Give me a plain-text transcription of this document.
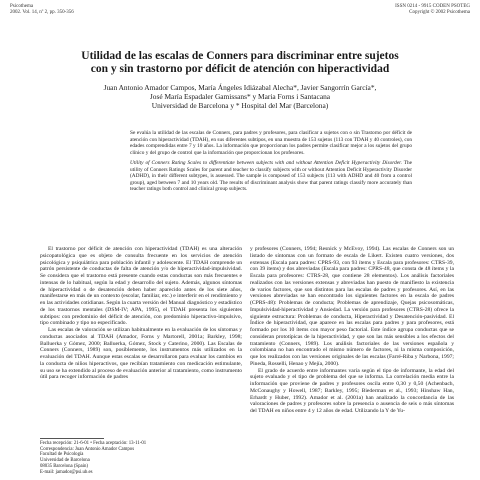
Psicothema
2002. Vol. 14, nº 2, pp. 350-356
ISSN 0214 - 9915 CODEN PSOTEG
Copyright © 2002 Psicothema
Utilidad de las escalas de Conners para discriminar entre sujetos
con y sin trastorno por déficit de atención con hiperactividad
Juan Antonio Amador Campos, María Ángeles Idiázabal Alecha*, Javier Sangorrín García*,
José María Espadaler Gamissans* y Maria Forns i Santacana
Universidad de Barcelona y * Hospital del Mar (Barcelona)

Se evalúa la utilidad de las escalas de Conners, para padres y profesores, para clasificar a sujetos con o sin Trastorno por déficit de atención con hiperactividad (TDAH), en sus diferentes subtipos, en una muestra de 153 sujetos (113 con TDAH y 40 controles), con edades comprendidas entre 7 y 10 años. La información que proporcionan los padres permite clasificar mejor a los sujetos del grupo clínico y del grupo de control que la información que proporcionan los profesores.

Utility of Conners Rating Scales to differentiate between subjects with and without Attention Deficit Hyperactivity Disorder. The utility of Conners Ratings Scales for parent and teacher to classify subjects with or without Attention Deficit Hyperactivity Disorder (ADHD), in their different subtypes, is assessed. The sample is composed of 153 subjects (113 with ADHD and 40 from a control group), aged between 7 and 10 years old. The results of discriminant analysis show that parent ratings classify more accurately than teacher ratings both control and clinical group subjects.

El trastorno por déficit de atención con hiperactividad (TDAH) es una alteración psicopatológica que es objeto de consulta frecuente en los servicios de atención psicológica y psiquiátrica para población infantil y adolescente. El TDAH comprende un patrón persistente de conductas de falta de atención y/o de hiperactividad-impulsividad. Se considera que el trastorno está presente cuando estas conductas son más frecuentes e intensas de lo habitual, según la edad y desarrollo del sujeto. Además, algunos síntomas de hiperactividad o de desatención deben haber aparecido antes de los siete años, manifestarse en más de un contexto (escolar, familiar, etc.) e interferir en el rendimiento y en las actividades cotidianas. Según la cuarta versión del Manual diagnóstico y estadístico de los trastornos mentales (DSM-IV; APA, 1995), el TDAH presenta los siguientes subtipos: con predominio del déficit de atención, con predominio hiperactivo-impulsivo, tipo combinado y tipo no especificado.

Las escalas de valoración se utilizan habitualmente en la evaluación de los síntomas y conductas asociados al TDAH (Amador, Forns y Martorell, 2001a; Barkley, 1998; Balluerka y Gómez, 2000; Balluerka, Gómez, Stock y Caterino, 2000). Las Escalas de Conners (Conners, 1989) son, posiblemente, los instrumentos más utilizados en la evaluación del TDAH. Aunque estas escalas se desarrollaron para evaluar los cambios en la conducta de niños hiperactivos, que recibían tratamiento con medicación estimulante, su uso se ha extendido al proceso de evaluación anterior al tratamiento, como instrumento útil para recoger información de padres

y profesores (Conners, 1994; Resnick y McEvoy, 1994). Las escalas de Conners son un listado de síntomas con un formato de escala de Likert. Existen cuatro versiones, dos extensas (Escala para padres: CPRS-93, con 93 ítems y Escala para profesores: CTRS-39, con 39 ítems) y dos abreviadas (Escala para padres: CPRS-48, que consta de 48 ítems y la Escala para profesores: CTRS-28, que contiene 28 elementos). Los análisis factoriales realizados con las versiones extensas y abreviadas han puesto de manifiesto la existencia de varios factores, que son distintos para las escalas de padres y profesores. Así, en las versiones abreviadas se han encontrado los siguientes factores en la escala de padres (CPRS-48): Problemas de conducta; Problemas de aprendizaje, Quejas psicosomáticas, Impulsividad-hiperactividad y Ansiedad. La versión para profesores (CTRS-28) ofrece la siguiente estructura: Problemas de conducta, Hiperactividad y Desatención-pasividad. El Índice de hiperactividad, que aparece en las escalas para padres y para profesores, está formado por los 10 ítems con mayor peso factorial. Este índice agrupa conductas que se consideran prototípicas de la hiperactividad, y que son las más sensibles a los efectos del tratamiento (Conners, 1989). Los análisis factoriales de las versiones española y colombiana no han encontrado el mismo número de factores, ni la misma composición, que los realizados con las versiones originales de las escalas (Farré-Riba y Narbona, 1997; Pineda, Rosselli, Henao y Mejía, 2000).

El grado de acuerdo entre informantes varía según el tipo de informante, la edad del sujeto evaluado y el tipo de problema del que se informa. La correlación media entre la información que proviene de padres y profesores oscila entre 0,30 y 0,50 (Achenbach, McConaughy y Howell, 1987; Barkley, 1995; Biederman et al., 1993; Hinshaw Han, Erhardt y Huber, 1992). Amador et al. (2001a) han analizado la concordancia de las valoraciones de padres y profesores sobre la presencia o ausencia de seis o más síntomas del TDAH en niños entre 4 y 12 años de edad. Utilizando la Y de Yu-

Fecha recepción: 21-6-01 • Fecha aceptación: 13-11-01
Correspondencia: Juan Antonio Amador Campos
Facultad de Psicología
Universidad de Barcelona
08035 Barcelona (Spain)
E-mail: jamador@psi.ub.es
